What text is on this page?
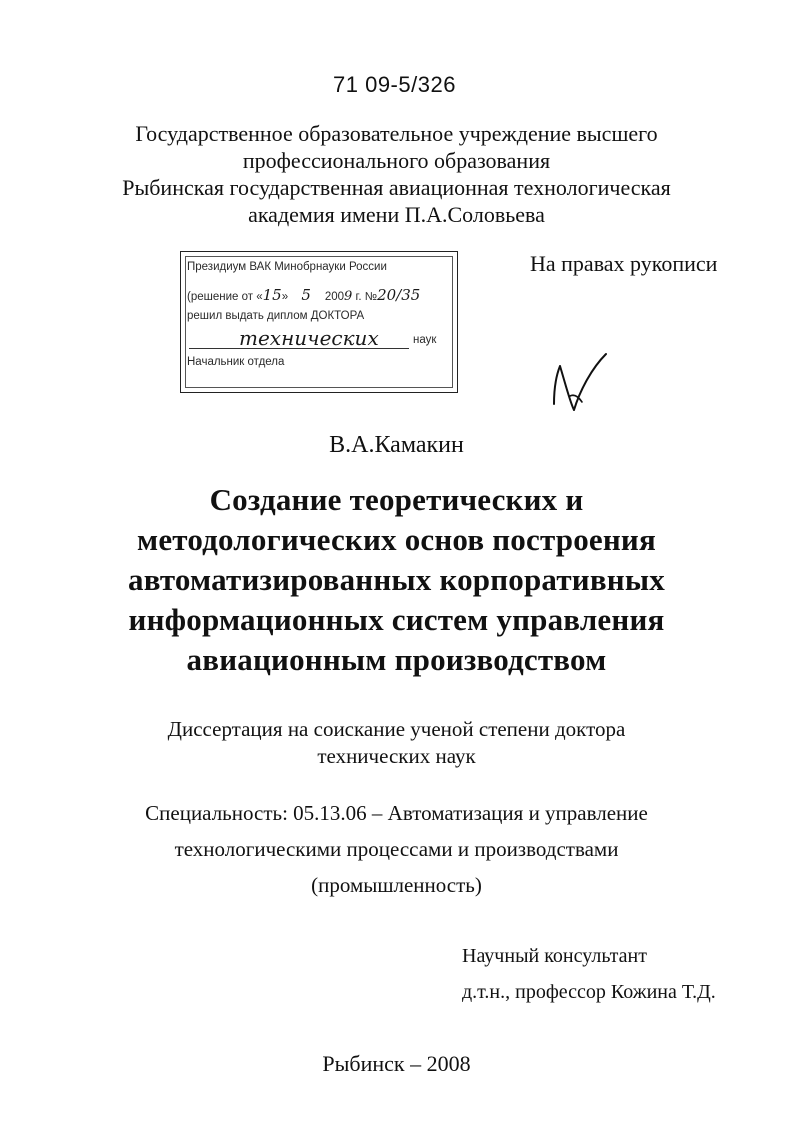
71 09-5/326
Государственное образовательное учреждение высшего
профессионального образования
Рыбинская государственная авиационная технологическая
академия имени П.А.Соловьева
Президиум ВАК Минобрнауки России
(решение от «15» 5 2009 г. №20/35
решил выдать диплом ДОКТОРА
технических	наук
Начальник отдела
На правах рукописи
В.А.Камакин
Создание теоретических и
методологических основ построения
автоматизированных корпоративных
информационных систем управления
авиационным производством
Диссертация на соискание ученой степени доктора
технических наук
Специальность: 05.13.06 – Автоматизация и управление
технологическими процессами и производствами
(промышленность)
Научный консультант
д.т.н., профессор Кожина Т.Д.
Рыбинск – 2008
